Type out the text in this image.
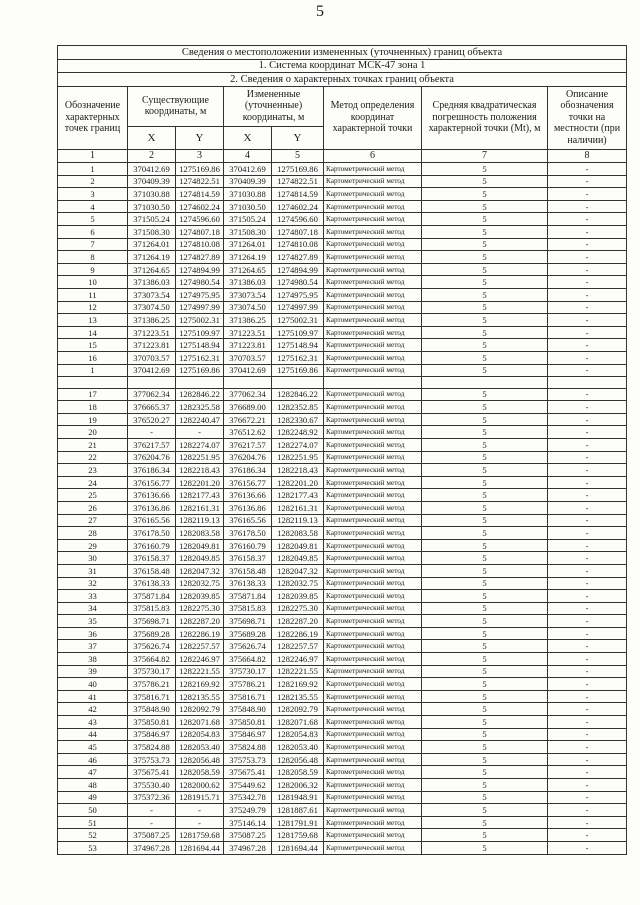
5
Сведения о местоположении измененных (уточненных) границ объекта							
1. Система координат МСК-47 зона 1							
2. Сведения о характерных точках границ объекта							
Обозначение характерных точек границ	Существующие координаты, м		Измененные (уточненные) координаты, м		Метод определения координат характерной точки	Средняя квадратическая погрешность положения характерной точки (Mt), м	Описание обозначения точки на местности (при наличии)
	X	Y	X	Y			
1	2	3	4	5	6	7	8
1	370412.69	1275169.86	370412.69	1275169.86	Картометрический метод	5	-
2	370409.39	1274822.51	370409.39	1274822.51	Картометрический метод	5	-
3	371030.88	1274814.59	371030.88	1274814.59	Картометрический метод	5	-
4	371030.50	1274602.24	371030.50	1274602.24	Картометрический метод	5	-
5	371505.24	1274596.60	371505.24	1274596.60	Картометрический метод	5	-
6	371508.30	1274807.18	371508.30	1274807.18	Картометрический метод	5	-
7	371264.01	1274810.08	371264.01	1274810.08	Картометрический метод	5	-
8	371264.19	1274827.89	371264.19	1274827.89	Картометрический метод	5	-
9	371264.65	1274894.99	371264.65	1274894.99	Картометрический метод	5	-
10	371386.03	1274980.54	371386.03	1274980.54	Картометрический метод	5	-
11	373073.54	1274975.95	373073.54	1274975.95	Картометрический метод	5	-
12	373074.50	1274997.99	373074.50	1274997.99	Картометрический метод	5	-
13	371386.25	1275002.31	371386.25	1275002.31	Картометрический метод	5	-
14	371223.51	1275109.97	371223.51	1275109.97	Картометрический метод	5	-
15	371223.81	1275148.94	371223.81	1275148.94	Картометрический метод	5	-
16	370703.57	1275162.31	370703.57	1275162.31	Картометрический метод	5	-
1	370412.69	1275169.86	370412.69	1275169.86	Картометрический метод	5	-

17	377062.34	1282846.22	377062.34	1282846.22	Картометрический метод	5	-
18	376665.37	1282325.58	376689.00	1282352.85	Картометрический метод	5	-
19	376520.27	1282240.47	376672.21	1282330.67	Картометрический метод	5	-
20	-	-	376512.62	1282248.92	Картометрический метод	5	-
21	376217.57	1282274.07	376217.57	1282274.07	Картометрический метод	5	-
22	376204.76	1282251.95	376204.76	1282251.95	Картометрический метод	5	-
23	376186.34	1282218.43	376186.34	1282218.43	Картометрический метод	5	-
24	376156.77	1282201.20	376156.77	1282201.20	Картометрический метод	5	-
25	376136.66	1282177.43	376136.66	1282177.43	Картометрический метод	5	-
26	376136.86	1282161.31	376136.86	1282161.31	Картометрический метод	5	-
27	376165.56	1282119.13	376165.56	1282119.13	Картометрический метод	5	-
28	376178.50	1282083.58	376178.50	1282083.58	Картометрический метод	5	-
29	376160.79	1282049.81	376160.79	1282049.81	Картометрический метод	5	-
30	376158.37	1282049.85	376158.37	1282049.85	Картометрический метод	5	-
31	376158.48	1282047.32	376158.48	1282047.32	Картометрический метод	5	-
32	376138.33	1282032.75	376138.33	1282032.75	Картометрический метод	5	-
33	375871.84	1282039.85	375871.84	1282039.85	Картометрический метод	5	-
34	375815.83	1282275.30	375815.83	1282275.30	Картометрический метод	5	-
35	375698.71	1282287.20	375698.71	1282287.20	Картометрический метод	5	-
36	375689.28	1282286.19	375689.28	1282286.19	Картометрический метод	5	-
37	375626.74	1282257.57	375626.74	1282257.57	Картометрический метод	5	-
38	375664.82	1282246.97	375664.82	1282246.97	Картометрический метод	5	-
39	375730.17	1282221.55	375730.17	1282221.55	Картометрический метод	5	-
40	375786.21	1282169.92	375786.21	1282169.92	Картометрический метод	5	-
41	375816.71	1282135.55	375816.71	1282135.55	Картометрический метод	5	-
42	375848.90	1282092.79	375848.90	1282092.79	Картометрический метод	5	-
43	375850.81	1282071.68	375850.81	1282071.68	Картометрический метод	5	-
44	375846.97	1282054.83	375846.97	1282054.83	Картометрический метод	5	-
45	375824.88	1282053.40	375824.88	1282053.40	Картометрический метод	5	-
46	375753.73	1282056.48	375753.73	1282056.48	Картометрический метод	5	-
47	375675.41	1282058.59	375675.41	1282058.59	Картометрический метод	5	-
48	375530.40	1282000.62	375449.62	1282006.32	Картометрический метод	5	-
49	375372.36	1281915.71	375342.78	1281948.91	Картометрический метод	5	-
50	-	-	375249.79	1281887.61	Картометрический метод	5	-
51	-	-	375146.14	1281791.91	Картометрический метод	5	-
52	375087.25	1281759.68	375087.25	1281759.68	Картометрический метод	5	-
53	374967.28	1281694.44	374967.28	1281694.44	Картометрический метод	5	-
